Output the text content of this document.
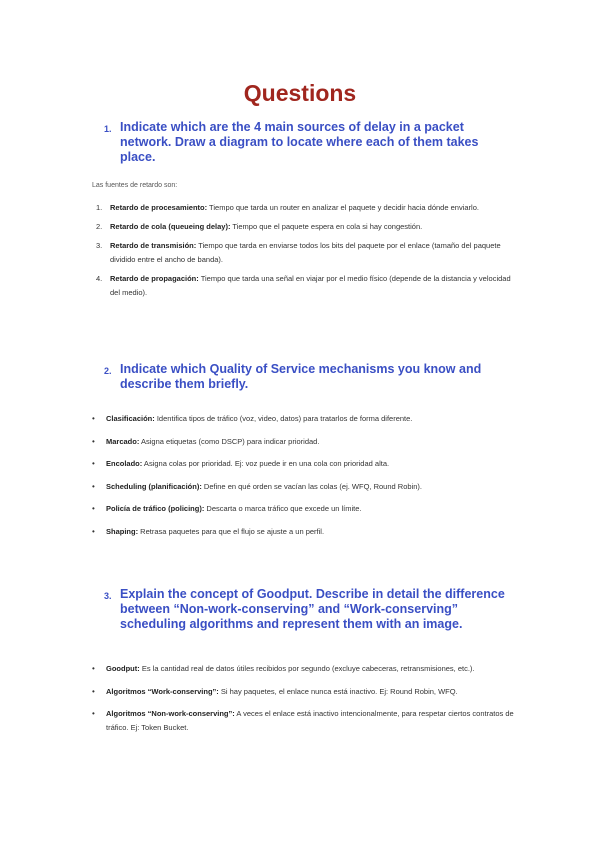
Questions
1. Indicate which are the 4 main sources of delay in a packet network. Draw a diagram to locate where each of them takes place.
Las fuentes de retardo son:
1. Retardo de procesamiento: Tiempo que tarda un router en analizar el paquete y decidir hacia dónde enviarlo.
2. Retardo de cola (queueing delay): Tiempo que el paquete espera en cola si hay congestión.
3. Retardo de transmisión: Tiempo que tarda en enviarse todos los bits del paquete por el enlace (tamaño del paquete dividido entre el ancho de banda).
4. Retardo de propagación: Tiempo que tarda una señal en viajar por el medio físico (depende de la distancia y velocidad del medio).
2. Indicate which Quality of Service mechanisms you know and describe them briefly.
• Clasificación: Identifica tipos de tráfico (voz, video, datos) para tratarlos de forma diferente.
• Marcado: Asigna etiquetas (como DSCP) para indicar prioridad.
• Encolado: Asigna colas por prioridad. Ej: voz puede ir en una cola con prioridad alta.
• Scheduling (planificación): Define en qué orden se vacían las colas (ej. WFQ, Round Robin).
• Policía de tráfico (policing): Descarta o marca tráfico que excede un límite.
• Shaping: Retrasa paquetes para que el flujo se ajuste a un perfil.
3. Explain the concept of Goodput. Describe in detail the difference between “Non-work-conserving” and “Work-conserving” scheduling algorithms and represent them with an image.
• Goodput: Es la cantidad real de datos útiles recibidos por segundo (excluye cabeceras, retransmisiones, etc.).
• Algoritmos “Work-conserving”: Si hay paquetes, el enlace nunca está inactivo. Ej: Round Robin, WFQ.
• Algoritmos “Non-work-conserving”: A veces el enlace está inactivo intencionalmente, para respetar ciertos contratos de tráfico. Ej: Token Bucket.
